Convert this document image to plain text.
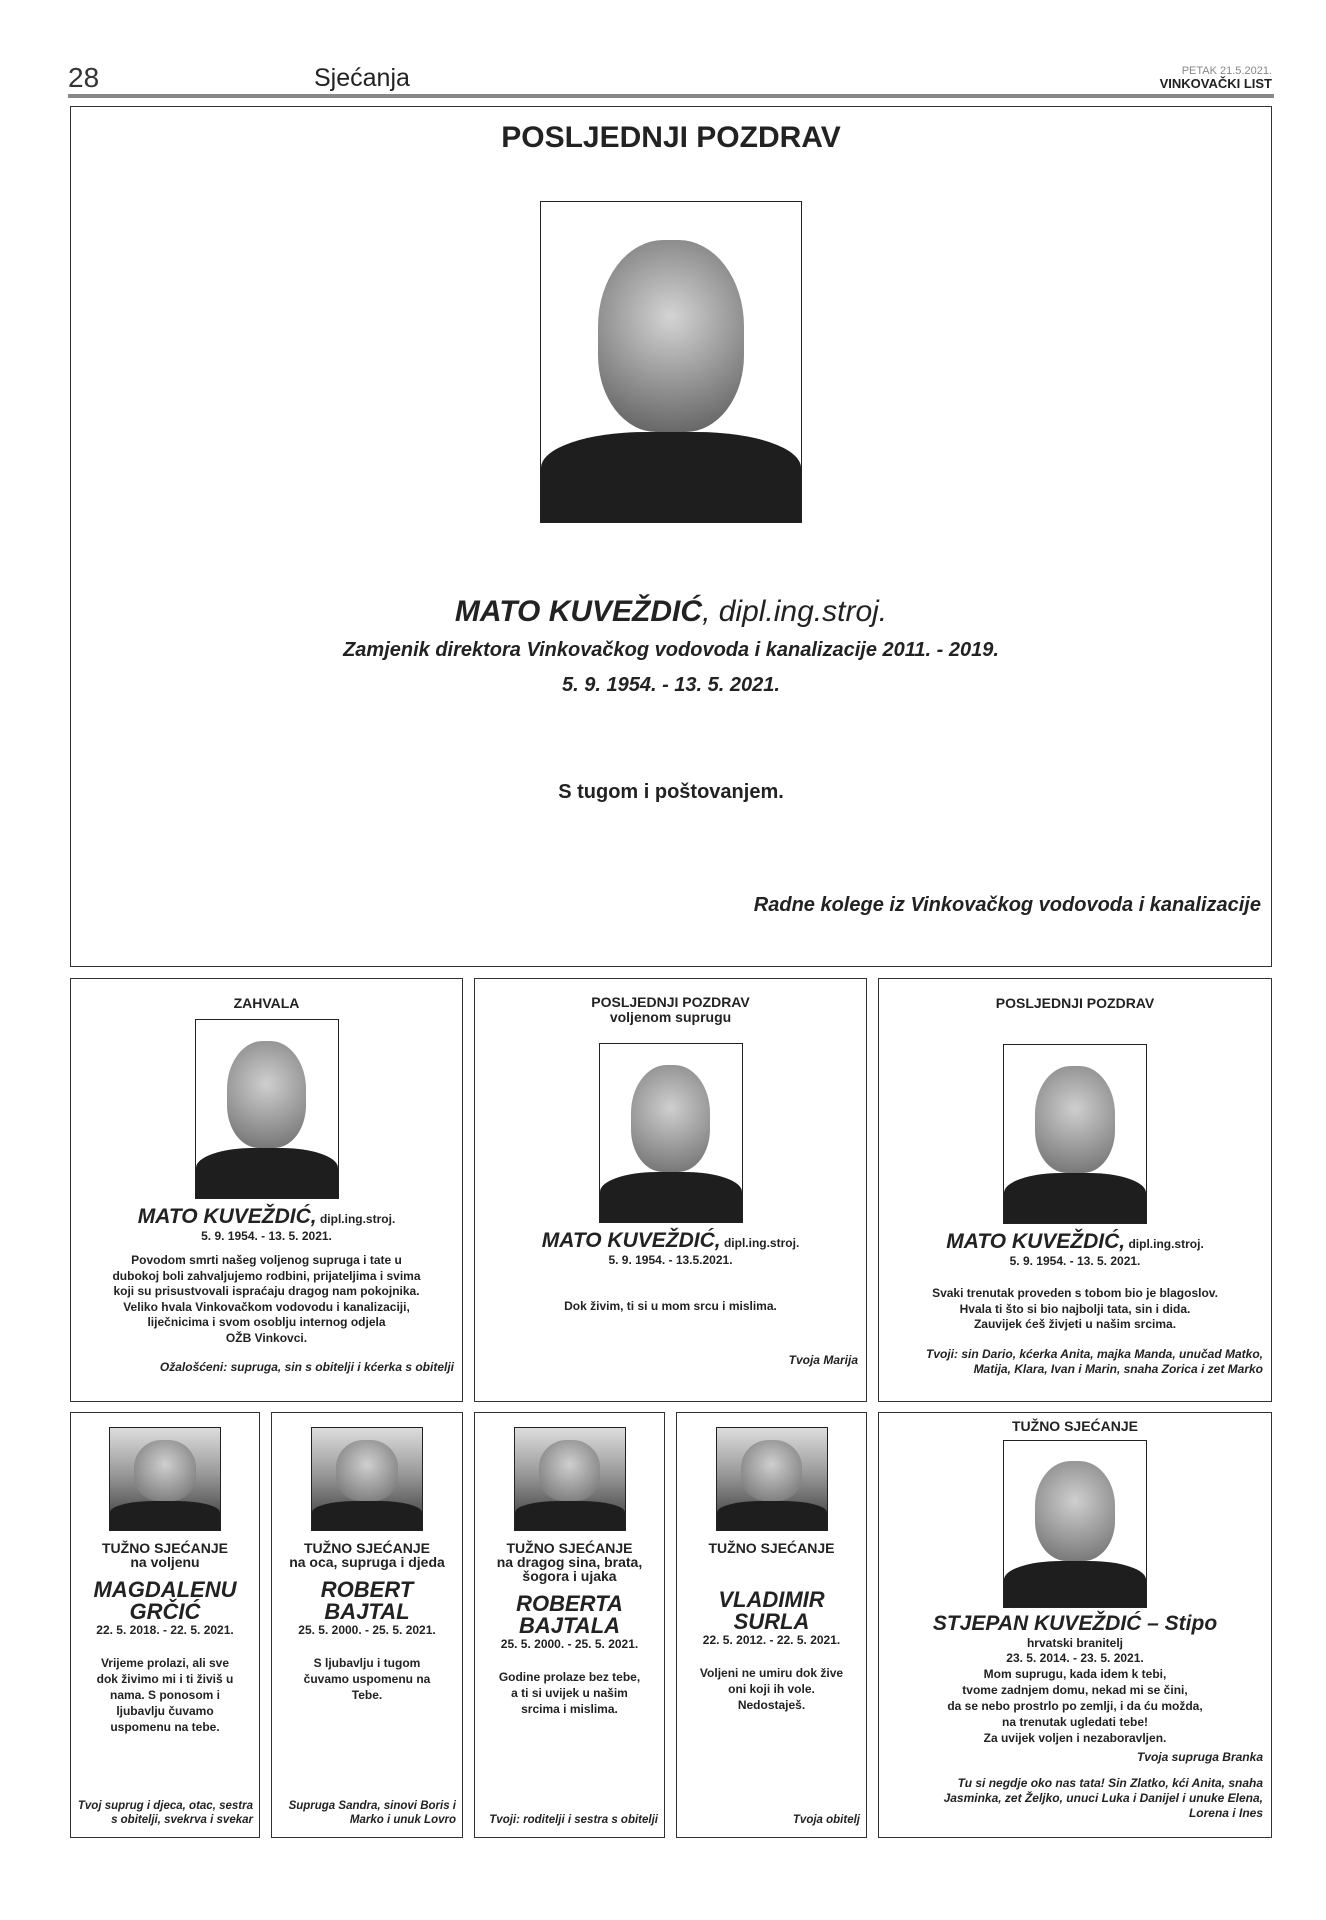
28	Sjećanja	PETAK 21.5.2021.
VINKOVAČKI LIST
POSLJEDNJI POZDRAV
MATO KUVEŽDIĆ, dipl.ing.stroj.
Zamjenik direktora Vinkovačkog vodovoda i kanalizacije 2011. - 2019.
5. 9. 1954. - 13. 5. 2021.
S tugom i poštovanjem.
Radne kolege iz Vinkovačkog vodovoda i kanalizacije
ZAHVALA
MATO KUVEŽDIĆ, dipl.ing.stroj.
5. 9. 1954. - 13. 5. 2021.
Povodom smrti našeg voljenog supruga i tate u
dubokoj boli zahvaljujemo rodbini, prijateljima i svima
koji su prisustvovali ispraćaju dragog nam pokojnika.
Veliko hvala Vinkovačkom vodovodu i kanalizaciji,
liječnicima i svom osoblju internog odjela
OŽB Vinkovci.
Ožalošćeni: supruga, sin s obitelji i kćerka s obitelji
POSLJEDNJI POZDRAV
voljenom suprugu
MATO KUVEŽDIĆ, dipl.ing.stroj.
5. 9. 1954. - 13.5.2021.
Dok živim, ti si u mom srcu i mislima.
Tvoja Marija
POSLJEDNJI POZDRAV
MATO KUVEŽDIĆ, dipl.ing.stroj.
5. 9. 1954. - 13. 5. 2021.
Svaki trenutak proveden s tobom bio je blagoslov.
Hvala ti što si bio najbolji tata, sin i dida.
Zauvijek ćeš živjeti u našim srcima.
Tvoji: sin Dario, kćerka Anita, majka Manda, unučad Matko, Matija, Klara, Ivan i Marin, snaha Zorica i zet Marko
TUŽNO SJEĆANJE
na voljenu
MAGDALENU GRČIĆ
22. 5. 2018. - 22. 5. 2021.
Vrijeme prolazi, ali sve dok živimo mi i ti živiš u nama. S ponosom i ljubavlju čuvamo uspomenu na tebe.
Tvoj suprug i djeca, otac, sestra s obitelji, svekrva i svekar
TUŽNO SJEĆANJE
na oca, supruga i djeda
ROBERT BAJTAL
25. 5. 2000. - 25. 5. 2021.
S ljubavlju i tugom čuvamo uspomenu na Tebe.
Supruga Sandra, sinovi Boris i Marko i unuk Lovro
TUŽNO SJEĆANJE
na dragog sina, brata, šogora i ujaka
ROBERTA BAJTALA
25. 5. 2000. - 25. 5. 2021.
Godine prolaze bez tebe, a ti si uvijek u našim srcima i mislima.
Tvoji: roditelji i sestra s obitelji
TUŽNO SJEĆANJE
VLADIMIR SURLA
22. 5. 2012. - 22. 5. 2021.
Voljeni ne umiru dok žive oni koji ih vole. Nedostaješ.
Tvoja obitelj
TUŽNO SJEĆANJE
STJEPAN KUVEŽDIĆ – Stipo
hrvatski branitelj
23. 5. 2014. - 23. 5. 2021.
Mom suprugu, kada idem k tebi,
tvome zadnjem domu, nekad mi se čini,
da se nebo prostrlo po zemlji, i da ću možda,
na trenutak ugledati tebe!
Za uvijek voljen i nezaboravljen.
Tvoja supruga Branka
Tu si negdje oko nas tata! Sin Zlatko, kći Anita, snaha Jasminka, zet Željko, unuci Luka i Danijel i unuke Elena, Lorena i Ines
